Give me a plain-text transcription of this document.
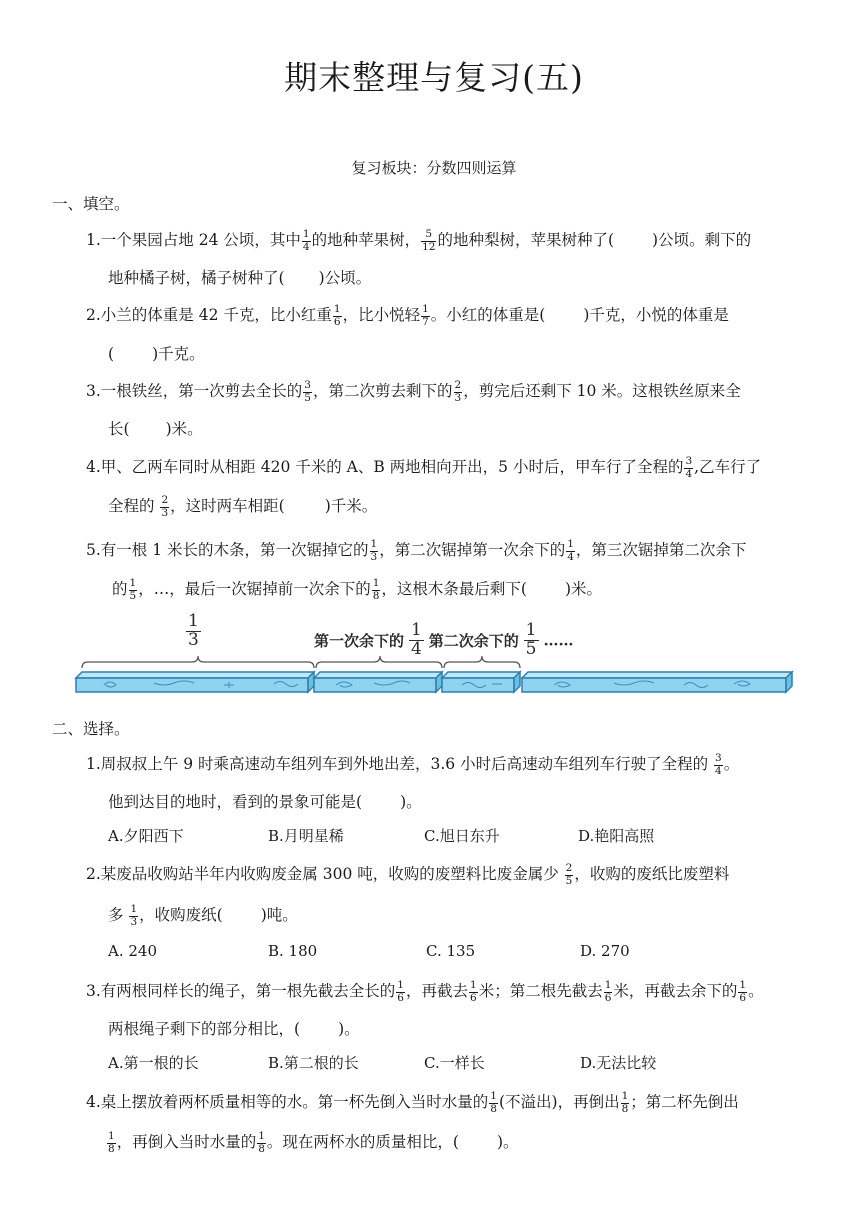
期末整理与复习(五)
复习板块：分数四则运算
一、填空。
1.一个果园占地 24 公顷，其中 $\frac{1}{4}$ 的地种苹果树， $\frac{5}{12}$ 的地种梨树，苹果树种了( )公顷。剩下的
地种橘子树，橘子树种了( )公顷。
2.小兰的体重是 42 千克，比小红重 $\frac{1}{6}$ ，比小悦轻 $\frac{1}{7}$ 。小红的体重是( )千克，小悦的体重是
( )千克。
3.一根铁丝，第一次剪去全长的 $\frac{3}{5}$ ，第二次剪去剩下的 $\frac{2}{3}$ ，剪完后还剩下 10 米。这根铁丝原来全
长( )米。
4.甲、乙两车同时从相距 420 千米的 A、B 两地相向开出，5 小时后，甲车行了全程的 $\frac{3}{4}$ ,乙车行了
全程的 $\frac{2}{3}$ ，这时两车相距(	)千米。
5.有一根 1 米长的木条，第一次锯掉它的 $\frac{1}{3}$ ，第二次锯掉第一次余下的 $\frac{1}{4}$ ，第三次锯掉第二次余下
的 $\frac{1}{5}$ ，…，最后一次锯掉前一次余下的 $\frac{1}{8}$ ，这根木条最后剩下( )米。
$\frac{1}{3}$	第一次余下的 $\frac{1}{4}$ 第二次余下的 $\frac{1}{5}$ ……
二、选择。
1.周叔叔上午 9 时乘高速动车组列车到外地出差，3.6 小时后高速动车组列车行驶了全程的 $\frac{3}{4}$ 。
他到达目的地时，看到的景象可能是( )。
A.夕阳西下	B.月明星稀	C.旭日东升	D.艳阳高照
2.某废品收购站半年内收购废金属 300 吨，收购的废塑料比废金属少 $\frac{2}{5}$ ，收购的废纸比废塑料
多 $\frac{1}{3}$ ，收购废纸( )吨。
A. 240	B. 180	C. 135	D. 270
3.有两根同样长的绳子，第一根先截去全长的 $\frac{1}{6}$ ，再截去 $\frac{1}{6}$ 米；第二根先截去 $\frac{1}{6}$ 米，再截去余下的 $\frac{1}{6}$ 。
两根绳子剩下的部分相比，( )。
A.第一根的长	B.第二根的长	C.一样长	D.无法比较
4.桌上摆放着两杯质量相等的水。第一杯先倒入当时水量的 $\frac{1}{8}$ (不溢出)，再倒出 $\frac{1}{8}$ ；第二杯先倒出
$\frac{1}{8}$ ，再倒入当时水量的 $\frac{1}{8}$ 。现在两杯水的质量相比，( )。
